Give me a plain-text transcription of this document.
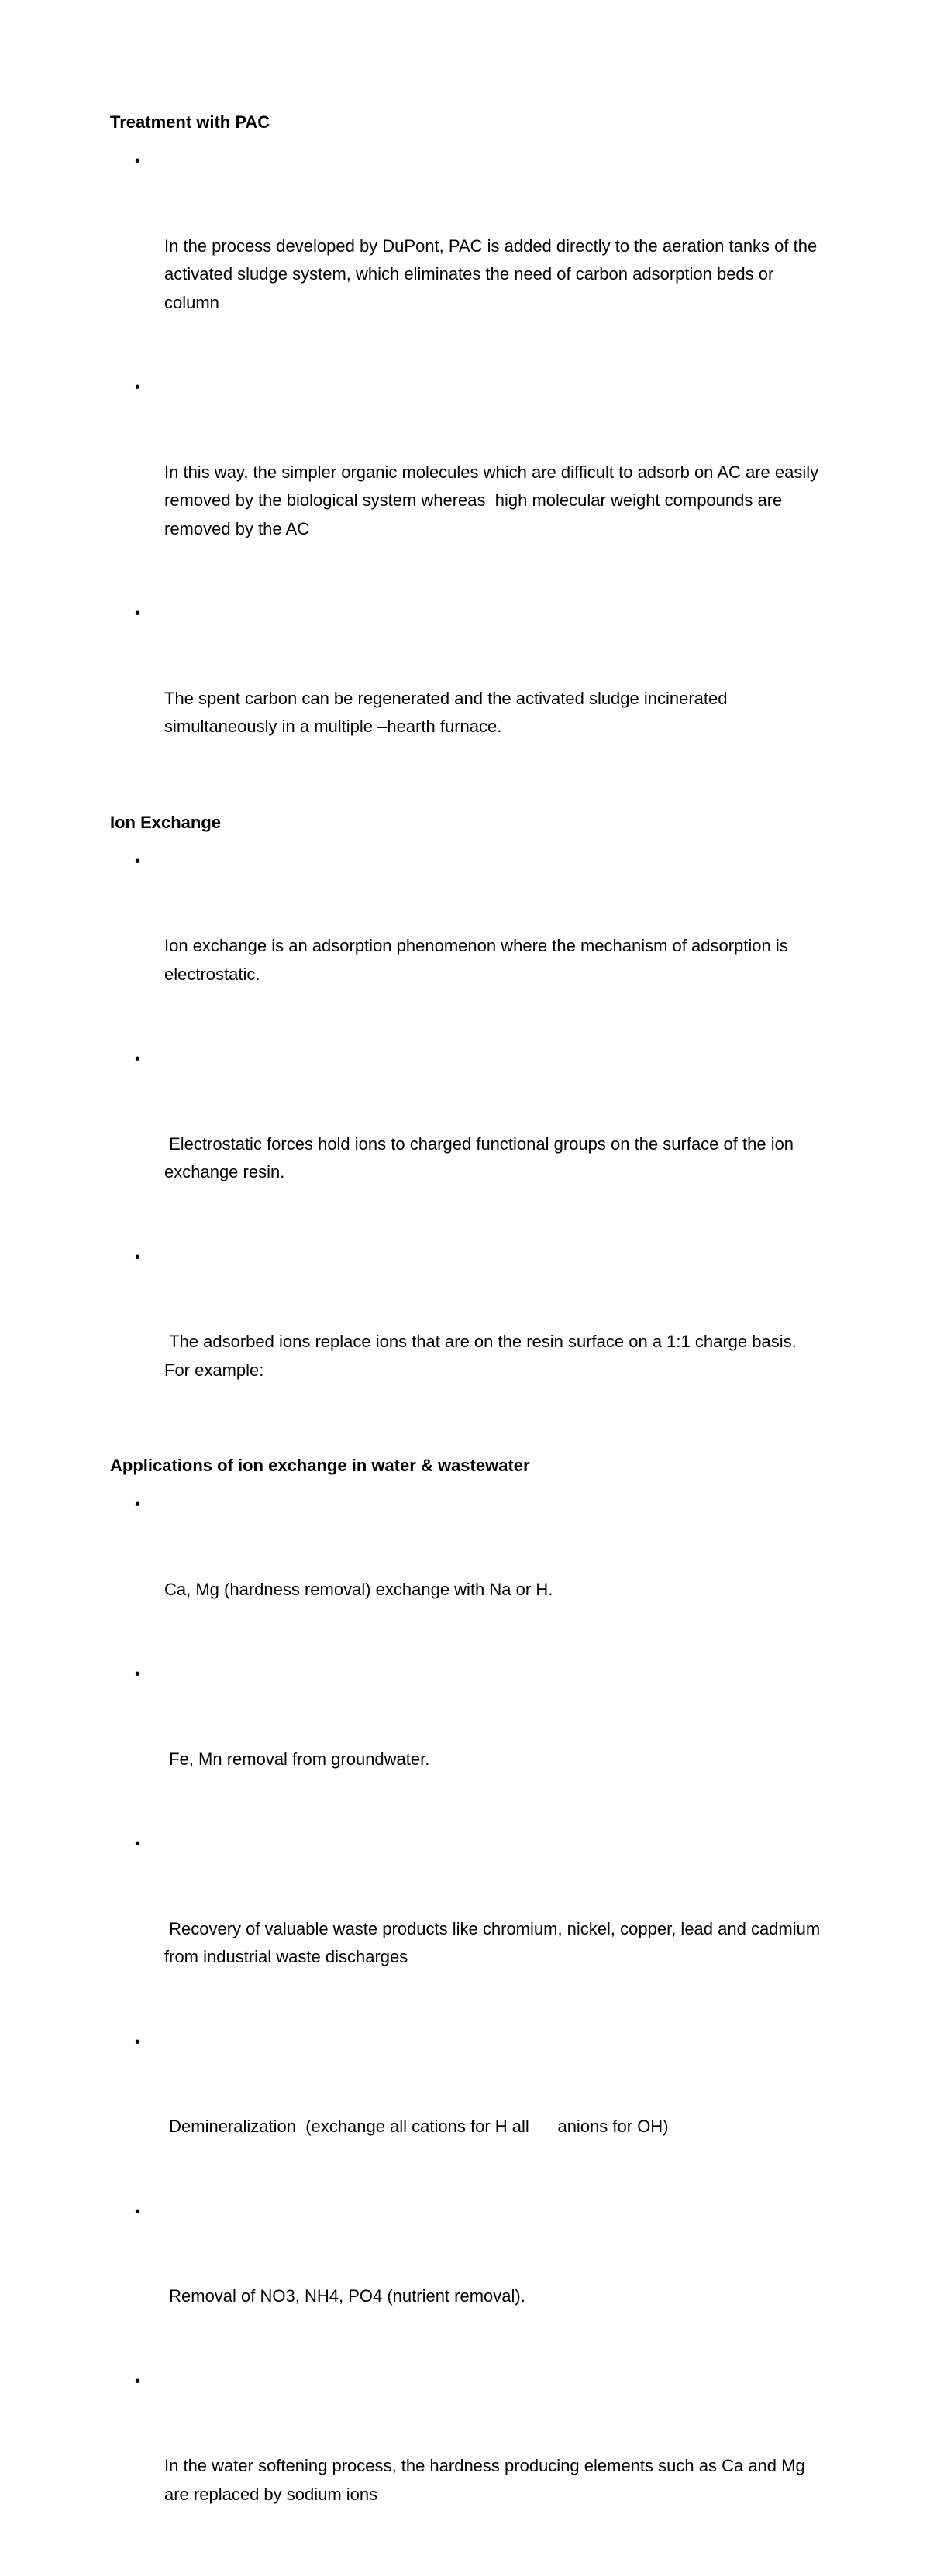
Treatment with PAC

•

In the process developed by DuPont, PAC is added directly to the aeration tanks of the activated sludge system, which eliminates the need of carbon adsorption beds or column

•

In this way, the simpler organic molecules which are difficult to adsorb on AC are easily removed by the biological system whereas  high molecular weight compounds are removed by the AC

•

The spent carbon can be regenerated and the activated sludge incinerated simultaneously in a multiple –hearth furnace.

Ion Exchange

•

Ion exchange is an adsorption phenomenon where the mechanism of adsorption is electrostatic.

•

Electrostatic forces hold ions to charged functional groups on the surface of the ion exchange resin.

•

The adsorbed ions replace ions that are on the resin surface on a 1:1 charge basis.   For example:

Applications of ion exchange in water & wastewater

•

Ca, Mg (hardness removal) exchange with Na or H.

•

Fe, Mn removal from groundwater.

•

Recovery of valuable waste products like chromium, nickel, copper, lead and cadmium from industrial waste discharges

•

Demineralization  (exchange all cations for H all      anions for OH)

•

Removal of NO3, NH4, PO4 (nutrient removal).

•

In the water softening process, the hardness producing elements such as Ca and Mg are replaced by sodium ions
